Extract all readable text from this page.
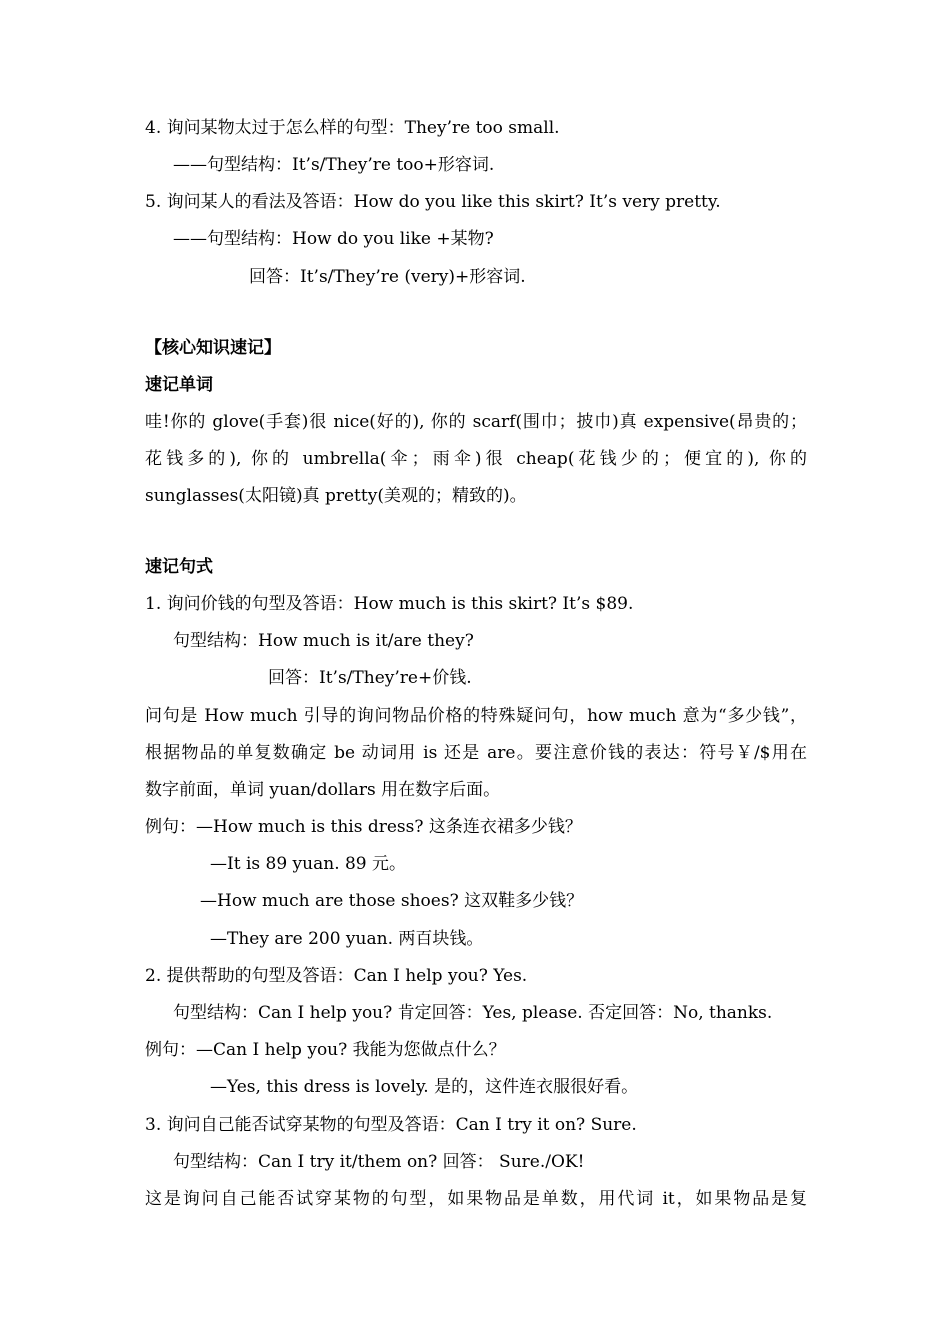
4. 询问某物太过于怎么样的句型：They’re too small.
——句型结构：It’s/They’re too+形容词.
5. 询问某人的看法及答语：How do you like this skirt? It’s very pretty.
——句型结构：How do you like +某物?
回答：It’s/They’re (very)+形容词.
【核心知识速记】
速记单词
哇!你的 glove(手套)很 nice(好的), 你的 scarf(围巾；披巾)真 expensive(昂贵的；
花钱多的), 你的 umbrella(伞；雨伞)很 cheap(花钱少的；便宜的), 你的
sunglasses(太阳镜)真 pretty(美观的；精致的)。
速记句式
1. 询问价钱的句型及答语：How much is this skirt? It’s $89.
句型结构：How much is it/are they?
回答：It’s/They’re+价钱.
问句是 How much 引导的询问物品价格的特殊疑问句，how much 意为“多少钱”，
根据物品的单复数确定 be 动词用 is 还是 are。要注意价钱的表达：符号￥/$用在
数字前面，单词 yuan/dollars 用在数字后面。
例句：—How much is this dress? 这条连衣裙多少钱？
—It is 89 yuan. 89 元。
—How much are those shoes? 这双鞋多少钱？
—They are 200 yuan. 两百块钱。
2. 提供帮助的句型及答语：Can I help you? Yes.
句型结构：Can I help you? 肯定回答：Yes, please. 否定回答：No, thanks.
例句：—Can I help you? 我能为您做点什么？
—Yes, this dress is lovely. 是的，这件连衣服很好看。
3. 询问自己能否试穿某物的句型及答语：Can I try it on? Sure.
句型结构：Can I try it/them on? 回答： Sure./OK!
这是询问自己能否试穿某物的句型，如果物品是单数，用代词 it，如果物品是复
